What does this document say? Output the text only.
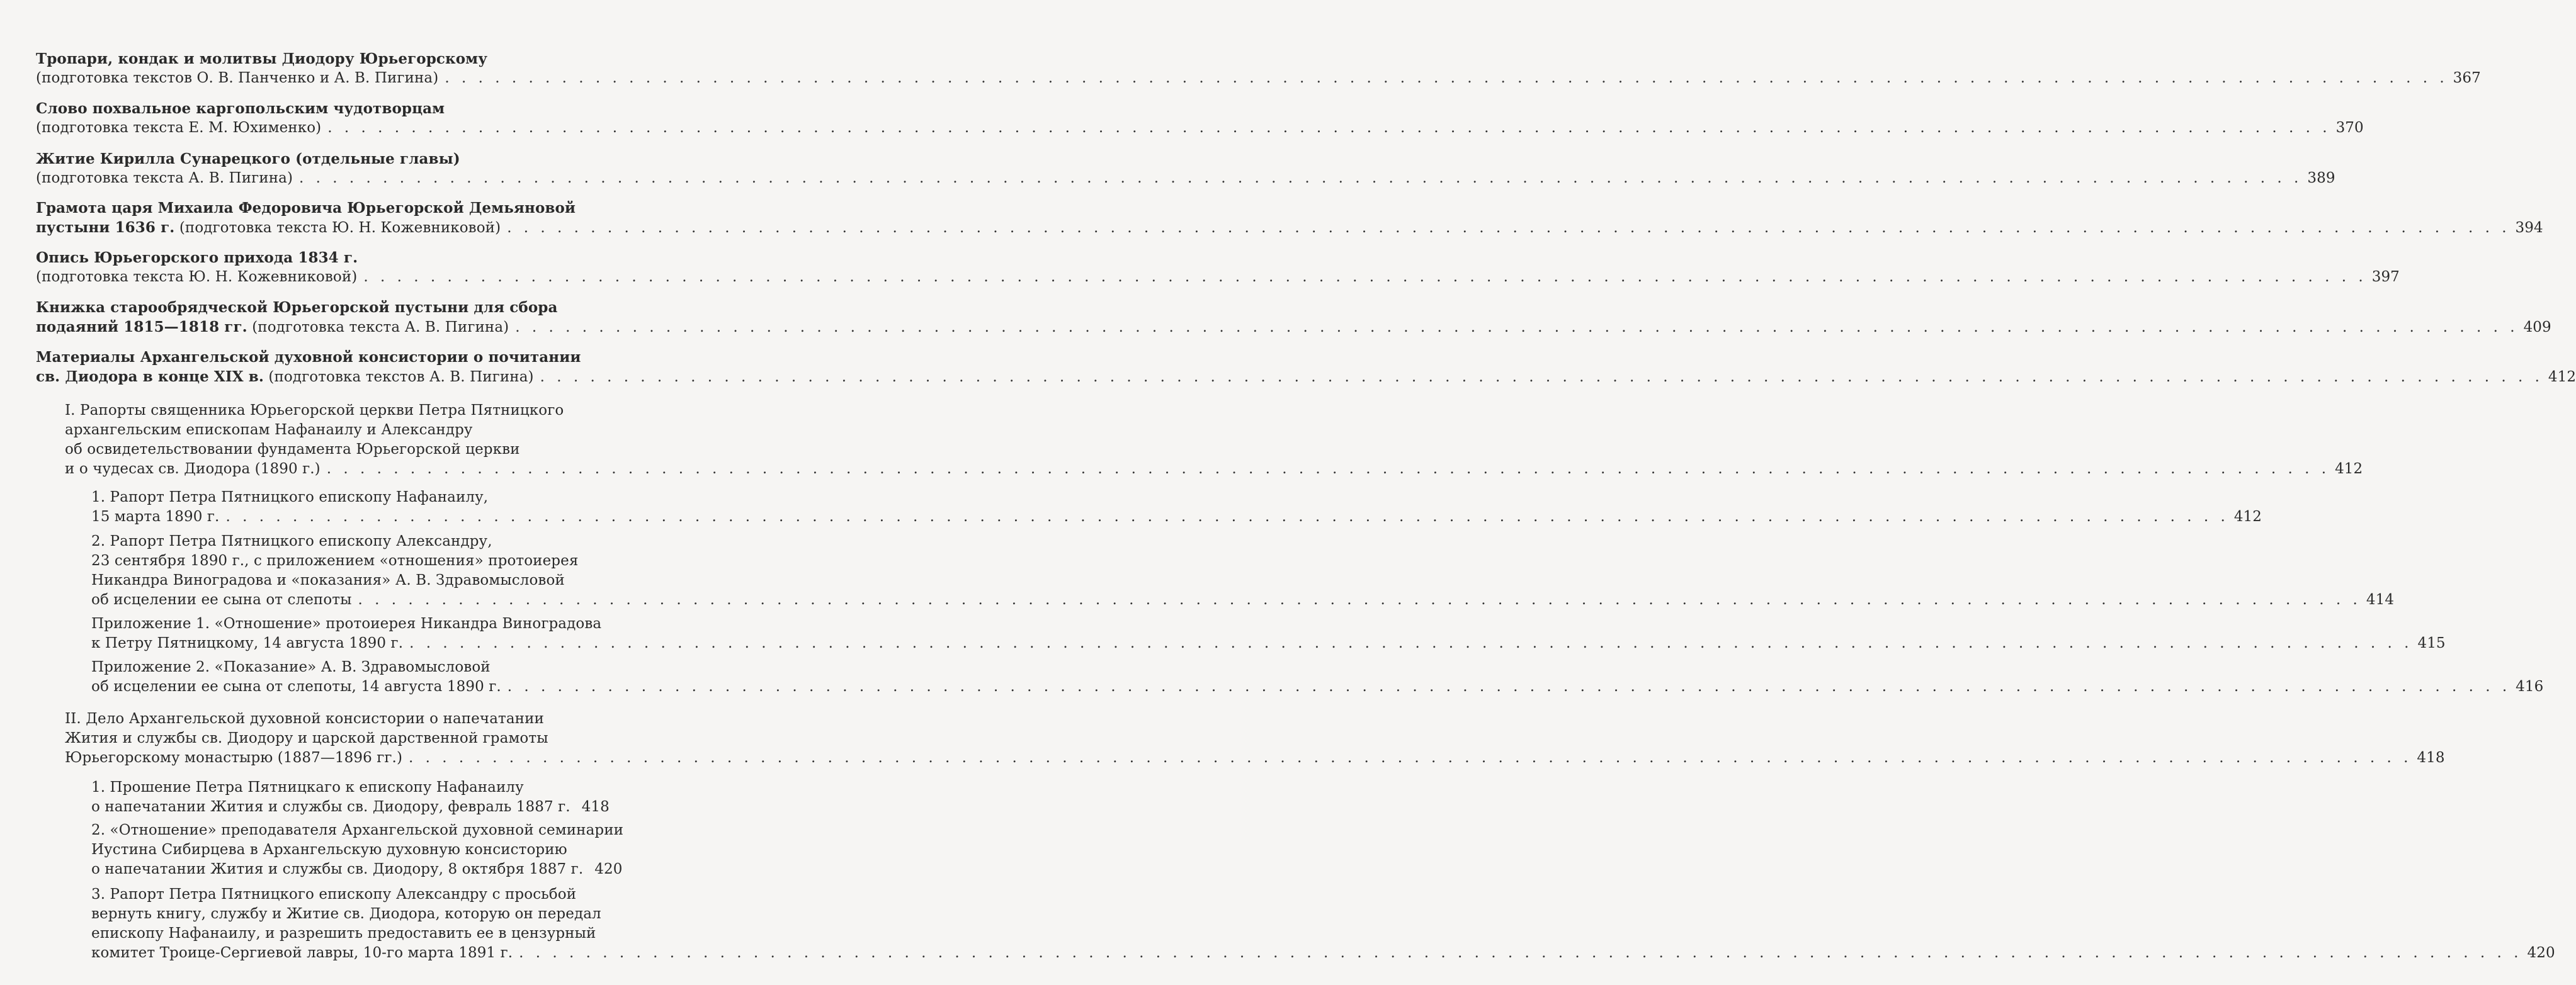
Тропари, кондак и молитвы Диодору Юрьегорскому
(подготовка текстов О. В. Панченко и А. В. Пигина) . . . . . . . . . . . . . . . . . . . . . . . . . . . . . . . . . . . . . . . . . . . . . . . . . . . . . . . . . . . . . . . . . . . . . . . . . . . . . . . . . . . . . . . . . . . . . . . . . . . . . . . . . . . . . . . . . . . . . . . . 367
Слово похвальное каргопольским чудотворцам
(подготовка текста Е. М. Юхименко) . . . . . . . . . . . . . . . . . . . . . . . . . . . . . . . . . . . . . . . . . . . . . . . . . . . . . . . . . . . . . . . . . . . . . . . . . . . . . . . . . . . . . . . . . . . . . . . . . . . . . . . . . . . . . . . . . . . . . . . . 370
Житие Кирилла Сунарецкого (отдельные главы)
(подготовка текста А. В. Пигина) . . . . . . . . . . . . . . . . . . . . . . . . . . . . . . . . . . . . . . . . . . . . . . . . . . . . . . . . . . . . . . . . . . . . . . . . . . . . . . . . . . . . . . . . . . . . . . . . . . . . . . . . . . . . . . . . . . . . . . . . 389
Грамота царя Михаила Федоровича Юрьегорской Демьяновой
пустыни 1636 г. (подготовка текста Ю. Н. Кожевниковой) . . . . . . . . . . . . . . . . . . . . . . . . . . . . . . . . . . . . . . . . . . . . . . . . . . . . . . . . . . . . . . . . . . . . . . . . . . . . . . . . . . . . . . . . . . . . . . . . . . . . . . . . . . . . . . . . . . . . . . . . 394
Опись Юрьегорского прихода 1834 г.
(подготовка текста Ю. Н. Кожевниковой) . . . . . . . . . . . . . . . . . . . . . . . . . . . . . . . . . . . . . . . . . . . . . . . . . . . . . . . . . . . . . . . . . . . . . . . . . . . . . . . . . . . . . . . . . . . . . . . . . . . . . . . . . . . . . . . . . . . . . . . . 397
Книжка старообрядческой Юрьегорской пустыни для сбора
подаяний 1815—1818 гг. (подготовка текста А. В. Пигина) . . . . . . . . . . . . . . . . . . . . . . . . . . . . . . . . . . . . . . . . . . . . . . . . . . . . . . . . . . . . . . . . . . . . . . . . . . . . . . . . . . . . . . . . . . . . . . . . . . . . . . . . . . . . . . . . . . . . . . . . 409
Материалы Архангельской духовной консистории о почитании
св. Диодора в конце XIX в. (подготовка текстов А. В. Пигина) . . . . . . . . . . . . . . . . . . . . . . . . . . . . . . . . . . . . . . . . . . . . . . . . . . . . . . . . . . . . . . . . . . . . . . . . . . . . . . . . . . . . . . . . . . . . . . . . . . . . . . . . . . . . . . . . . . . . . . . . 412
I. Рапорты священника Юрьегорской церкви Петра Пятницкого
архангельским епископам Нафанаилу и Александру
об освидетельствовании фундамента Юрьегорской церкви
и о чудесах св. Диодора (1890 г.) . . . . . . . . . . . . . . . . . . . . . . . . . . . . . . . . . . . . . . . . . . . . . . . . . . . . . . . . . . . . . . . . . . . . . . . . . . . . . . . . . . . . . . . . . . . . . . . . . . . . . . . . . . . . . . . . . . . . . . . . 412
1. Рапорт Петра Пятницкого епископу Нафанаилу,
15 марта 1890 г. . . . . . . . . . . . . . . . . . . . . . . . . . . . . . . . . . . . . . . . . . . . . . . . . . . . . . . . . . . . . . . . . . . . . . . . . . . . . . . . . . . . . . . . . . . . . . . . . . . . . . . . . . . . . . . . . . . . . . . . . 412
2. Рапорт Петра Пятницкого епископу Александру,
23 сентября 1890 г., с приложением «отношения» протоиерея
Никандра Виноградова и «показания» А. В. Здравомысловой
об исцелении ее сына от слепоты . . . . . . . . . . . . . . . . . . . . . . . . . . . . . . . . . . . . . . . . . . . . . . . . . . . . . . . . . . . . . . . . . . . . . . . . . . . . . . . . . . . . . . . . . . . . . . . . . . . . . . . . . . . . . . . . . . . . . . . . 414
Приложение 1. «Отношение» протоиерея Никандра Виноградова
к Петру Пятницкому, 14 августа 1890 г. . . . . . . . . . . . . . . . . . . . . . . . . . . . . . . . . . . . . . . . . . . . . . . . . . . . . . . . . . . . . . . . . . . . . . . . . . . . . . . . . . . . . . . . . . . . . . . . . . . . . . . . . . . . . . . . . . . . . . . . . 415
Приложение 2. «Показание» А. В. Здравомысловой
об исцелении ее сына от слепоты, 14 августа 1890 г. . . . . . . . . . . . . . . . . . . . . . . . . . . . . . . . . . . . . . . . . . . . . . . . . . . . . . . . . . . . . . . . . . . . . . . . . . . . . . . . . . . . . . . . . . . . . . . . . . . . . . . . . . . . . . . . . . . . . . . . . 416
II. Дело Архангельской духовной консистории о напечатании
Жития и службы св. Диодору и царской дарственной грамоты
Юрьегорскому монастырю (1887—1896 гг.) . . . . . . . . . . . . . . . . . . . . . . . . . . . . . . . . . . . . . . . . . . . . . . . . . . . . . . . . . . . . . . . . . . . . . . . . . . . . . . . . . . . . . . . . . . . . . . . . . . . . . . . . . . . . . . . . . . . . . . . . 418
1. Прошение Петра Пятницкаго к епископу Нафанаилу
о напечатании Жития и службы св. Диодору, февраль 1887 г. 418
2. «Отношение» преподавателя Архангельской духовной семинарии
Иустина Сибирцева в Архангельскую духовную консисторию
о напечатании Жития и службы св. Диодору, 8 октября 1887 г. 420
3. Рапорт Петра Пятницкого епископу Александру с просьбой
вернуть книгу, службу и Житие св. Диодора, которую он передал
епископу Нафанаилу, и разрешить предоставить ее в цензурный
комитет Троице-Сергиевой лавры, 10-го марта 1891 г. . . . . . . . . . . . . . . . . . . . . . . . . . . . . . . . . . . . . . . . . . . . . . . . . . . . . . . . . . . . . . . . . . . . . . . . . . . . . . . . . . . . . . . . . . . . . . . . . . . . . . . . . . . . . . . . . . . . . . . . . 420
